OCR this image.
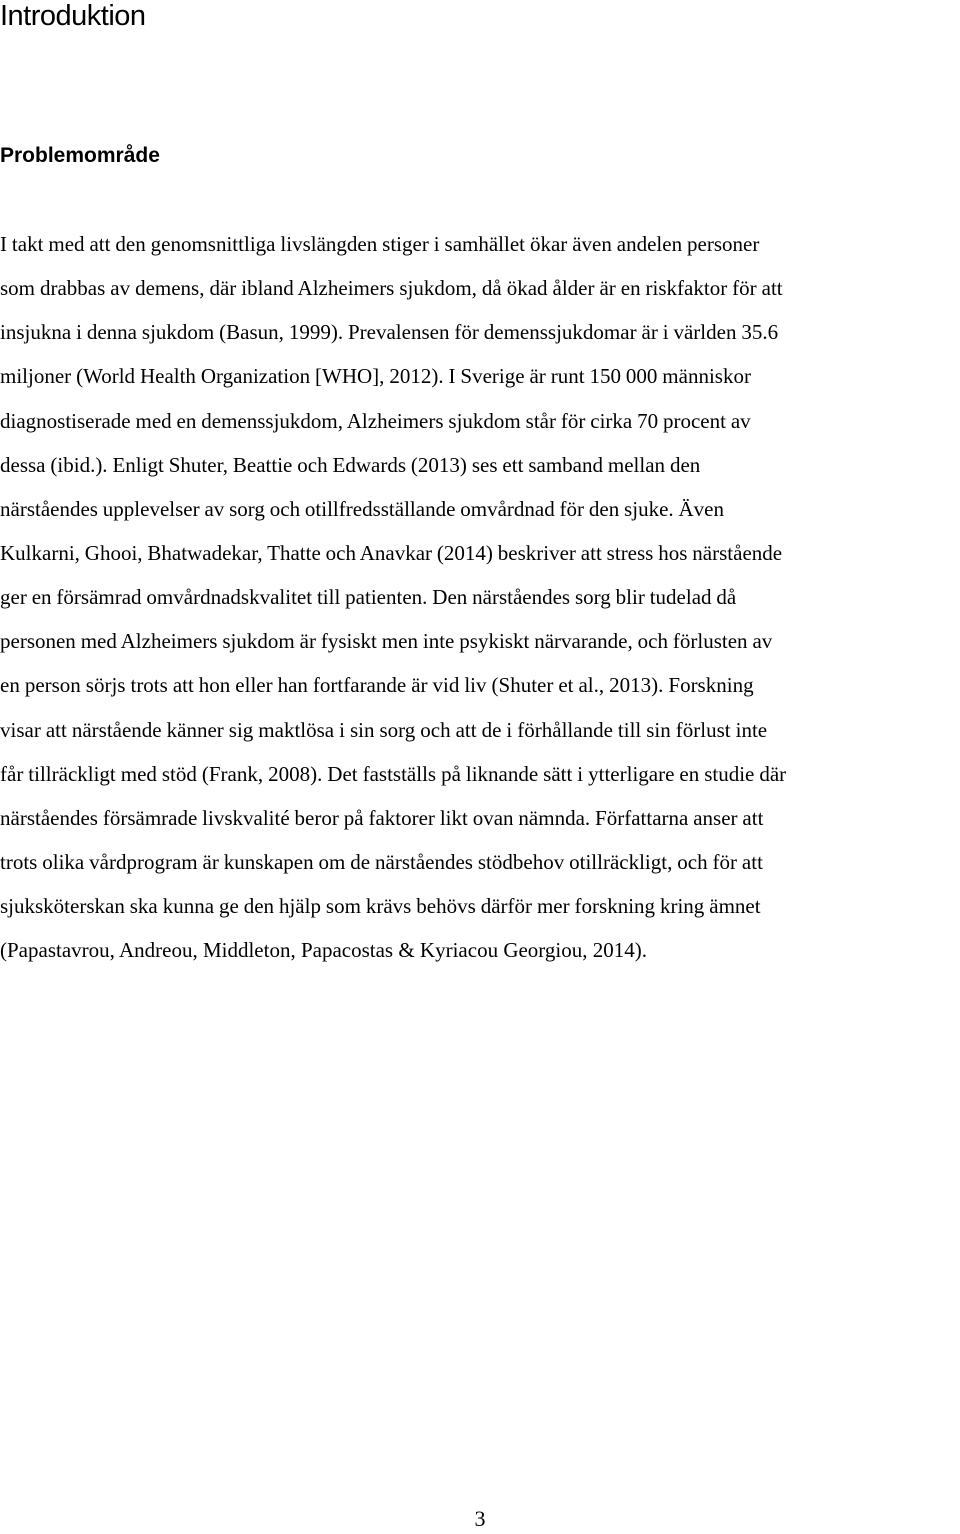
Introduktion
Problemområde
I takt med att den genomsnittliga livslängden stiger i samhället ökar även andelen personer
som drabbas av demens, där ibland Alzheimers sjukdom, då ökad ålder är en riskfaktor för att
insjukna i denna sjukdom (Basun, 1999). Prevalensen för demenssjukdomar är i världen 35.6
miljoner (World Health Organization [WHO], 2012). I Sverige är runt 150 000 människor
diagnostiserade med en demenssjukdom, Alzheimers sjukdom står för cirka 70 procent av
dessa (ibid.). Enligt Shuter, Beattie och Edwards (2013) ses ett samband mellan den
närståendes upplevelser av sorg och otillfredsställande omvårdnad för den sjuke. Även
Kulkarni, Ghooi, Bhatwadekar, Thatte och Anavkar (2014) beskriver att stress hos närstående
ger en försämrad omvårdnadskvalitet till patienten. Den närståendes sorg blir tudelad då
personen med Alzheimers sjukdom är fysiskt men inte psykiskt närvarande, och förlusten av
en person sörjs trots att hon eller han fortfarande är vid liv (Shuter et al., 2013). Forskning
visar att närstående känner sig maktlösa i sin sorg och att de i förhållande till sin förlust inte
får tillräckligt med stöd (Frank, 2008). Det fastställs på liknande sätt i ytterligare en studie där
närståendes försämrade livskvalité beror på faktorer likt ovan nämnda. Författarna anser att
trots olika vårdprogram är kunskapen om de närståendes stödbehov otillräckligt, och för att
sjuksköterskan ska kunna ge den hjälp som krävs behövs därför mer forskning kring ämnet
(Papastavrou, Andreou, Middleton, Papacostas & Kyriacou Georgiou, 2014).
3
